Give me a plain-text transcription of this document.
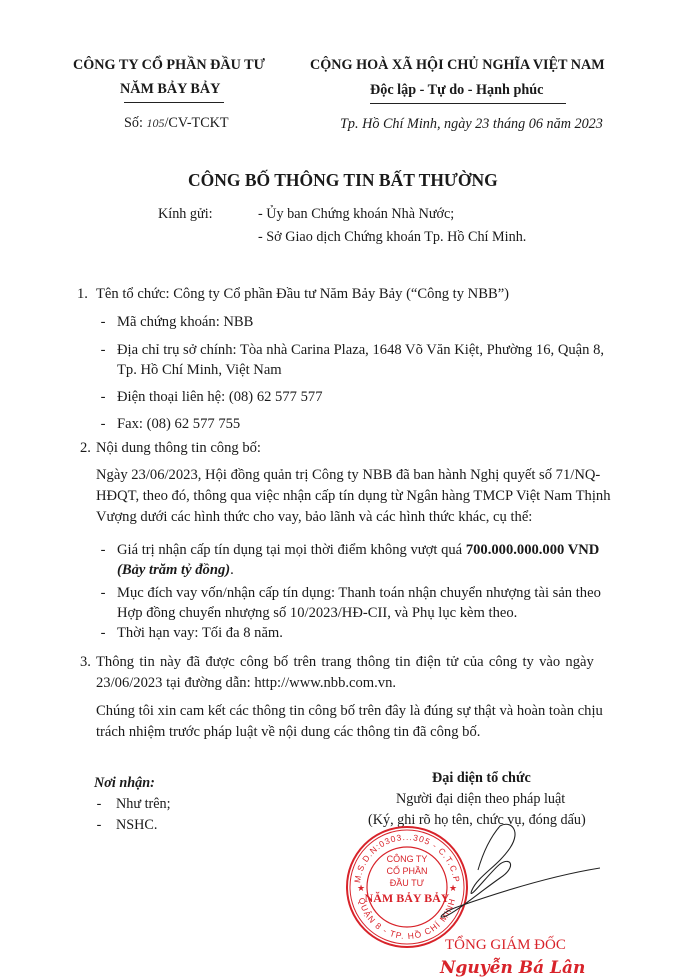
CÔNG TY CỔ PHẦN ĐẦU TƯ
NĂM BẢY BẢY
Số: 105/CV-TCKT
CỘNG HOÀ XÃ HỘI CHỦ NGHĨA VIỆT NAM
Độc lập - Tự do - Hạnh phúc
Tp. Hồ Chí Minh, ngày 23 tháng 06 năm 2023
CÔNG BỐ THÔNG TIN BẤT THƯỜNG
Kính gửi:	- Ủy ban Chứng khoán Nhà Nước;
- Sở Giao dịch Chứng khoán Tp. Hồ Chí Minh.
1. Tên tổ chức: Công ty Cổ phần Đầu tư Năm Bảy Bảy (“Công ty NBB”)
- Mã chứng khoán: NBB
- Địa chỉ trụ sở chính: Tòa nhà Carina Plaza, 1648 Võ Văn Kiệt, Phường 16, Quận 8,
Tp. Hồ Chí Minh, Việt Nam
- Điện thoại liên hệ: (08) 62 577 577
- Fax: (08) 62 577 755
2. Nội dung thông tin công bố:
Ngày 23/06/2023, Hội đồng quản trị Công ty NBB đã ban hành Nghị quyết số 71/NQ-
HĐQT, theo đó, thông qua việc nhận cấp tín dụng từ Ngân hàng TMCP Việt Nam Thịnh
Vượng dưới các hình thức cho vay, bảo lãnh và các hình thức khác, cụ thể:
- Giá trị nhận cấp tín dụng tại mọi thời điểm không vượt quá 700.000.000.000 VND
(Bảy trăm tỷ đồng).
- Mục đích vay vốn/nhận cấp tín dụng: Thanh toán nhận chuyển nhượng tài sản theo
Hợp đồng chuyển nhượng số 10/2023/HĐ-CII, và Phụ lục kèm theo.
- Thời hạn vay: Tối đa 8 năm.
3. Thông tin này đã được công bố trên trang thông tin điện tử của công ty vào ngày
23/06/2023 tại đường dẫn: http://www.nbb.com.vn.
Chúng tôi xin cam kết các thông tin công bố trên đây là đúng sự thật và hoàn toàn chịu
trách nhiệm trước pháp luật về nội dung các thông tin đã công bố.
Nơi nhận:
- Như trên;
- NSHC.
Đại diện tổ chức
Người đại diện theo pháp luật
(Ký, ghi rõ họ tên, chức vụ, đóng dấu)
M.S.D.N:0303...305 - C.T.C.P
QUẬN 8 - TP. HỒ CHÍ MINH
★	★
CÔNG TY
CỔ PHẦN
ĐẦU TƯ
NĂM BẢY BẢY
TỔNG GIÁM ĐỐC
Nguyễn Bá Lân
